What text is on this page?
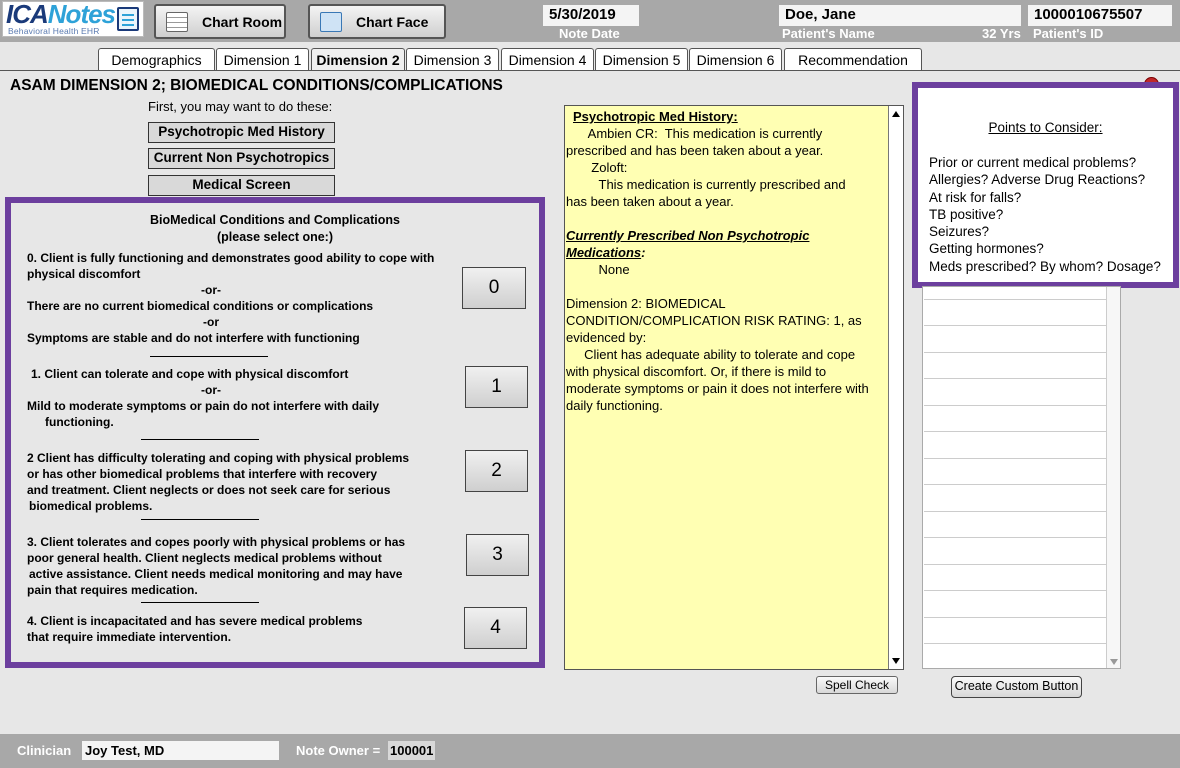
ICANotes
Behavioral Health EHR
Chart Room	Chart Face	5/30/2019
Note Date
Doe, Jane
Patient's Name
1000010675507
32 Yrs Patient's ID
Demographics	Dimension 1	Dimension 2 Dimension 3	Dimension 4	Dimension 5	Dimension 6	Recommendation
ASAM DIMENSION 2; BIOMEDICAL CONDITIONS/COMPLICATIONS
First, you may want to do these:
Psychotropic Med History
Current Non Psychotropics
Medical Screen
BioMedical Conditions and Complications
(please select one:)
0. Client is fully functioning and demonstrates good ability to cope with
physical discomfort
-or-
There are no current biomedical conditions or complications
-or
Symptoms are stable and do not interfere with functioning
0
1. Client can tolerate and cope with physical discomfort
-or-
Mild to moderate symptoms or pain do not interfere with daily
functioning.
1
2 Client has difficulty tolerating and coping with physical problems
or has other biomedical problems that interfere with recovery
and treatment. Client neglects or does not seek care for serious
biomedical problems.
2
3. Client tolerates and copes poorly with physical problems or has
poor general health. Client neglects medical problems without
active assistance. Client needs medical monitoring and may have
pain that requires medication.
3
4. Client is incapacitated and has severe medical problems
that require immediate intervention.	4
Psychotropic Med History:
Ambien CR:  This medication is currently
prescribed and has been taken about a year.
Zoloft:
This medication is currently prescribed and
has been taken about a year.

Currently Prescribed Non Psychotropic
Medications:
None

Dimension 2: BIOMEDICAL
CONDITION/COMPLICATION RISK RATING: 1, as
evidenced by:
Client has adequate ability to tolerate and cope
with physical discomfort. Or, if there is mild to
moderate symptoms or pain it does not interfere with
daily functioning.
Spell Check
Points to Consider:
Prior or current medical problems?
Allergies? Adverse Drug Reactions?
At risk for falls?
TB positive?
Seizures?
Getting hormones?
Meds prescribed? By whom? Dosage?
Create Custom Button
Clinician Joy Test, MD	Note Owner = 100001
